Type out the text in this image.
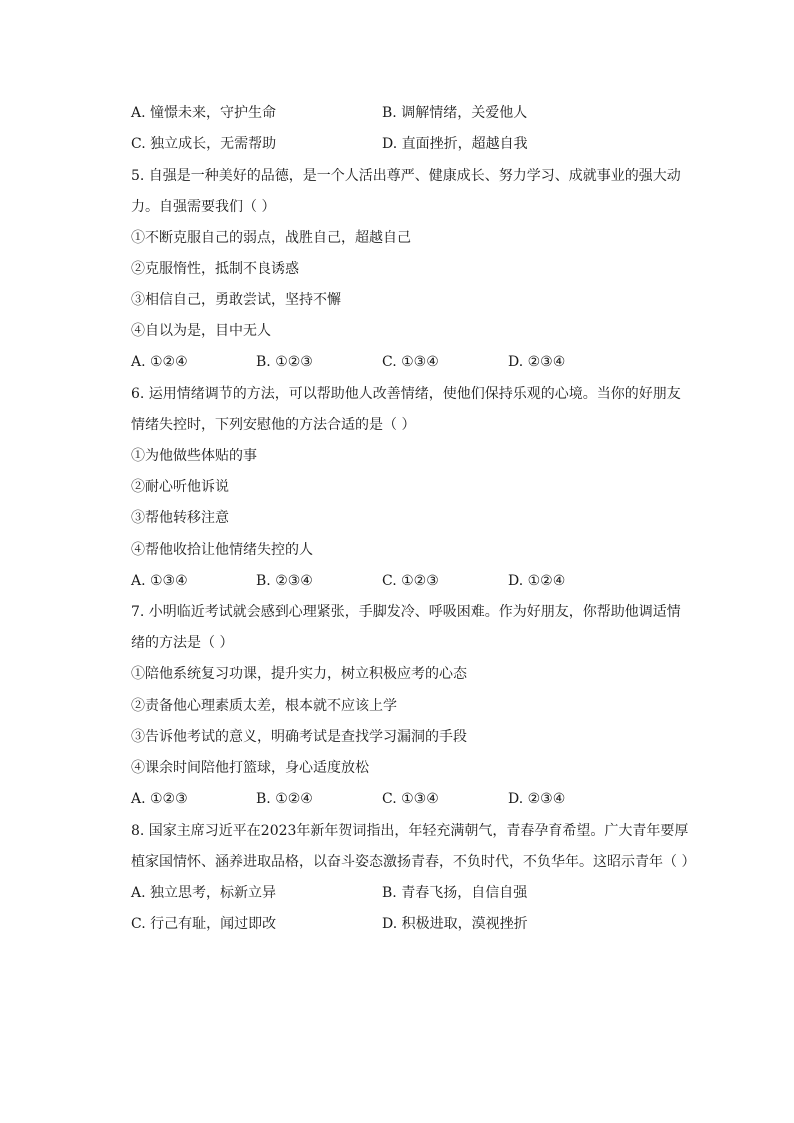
A. 憧憬未来，守护生命	B. 调解情绪，关爱他人
C. 独立成长，无需帮助	D. 直面挫折，超越自我
5. 自强是一种美好的品德，是一个人活出尊严、健康成长、努力学习、成就事业的强大动
力。自强需要我们（ ）
①不断克服自己的弱点，战胜自己，超越自己
②克服惰性，抵制不良诱惑
③相信自己，勇敢尝试，坚持不懈
④自以为是，目中无人
A. ①②④	B. ①②③	C. ①③④	D. ②③④
6. 运用情绪调节的方法，可以帮助他人改善情绪，使他们保持乐观的心境。当你的好朋友
情绪失控时，下列安慰他的方法合适的是（ ）
①为他做些体贴的事
②耐心听他诉说
③帮他转移注意
④帮他收拾让他情绪失控的人
A. ①③④	B. ②③④	C. ①②③	D. ①②④
7. 小明临近考试就会感到心理紧张，手脚发冷、呼吸困难。作为好朋友，你帮助他调适情
绪的方法是（ ）
①陪他系统复习功课，提升实力，树立积极应考的心态
②责备他心理素质太差，根本就不应该上学
③告诉他考试的意义，明确考试是查找学习漏洞的手段
④课余时间陪他打篮球，身心适度放松
A. ①②③	B. ①②④	C. ①③④	D. ②③④
8. 国家主席习近平在2023年新年贺词指出，年轻充满朝气，青春孕育希望。广大青年要厚
植家国情怀、涵养进取品格，以奋斗姿态激扬青春，不负时代，不负华年。这昭示青年（ ）
A. 独立思考，标新立异	B. 青春飞扬，自信自强
C. 行己有耻，闻过即改	D. 积极进取，漠视挫折
